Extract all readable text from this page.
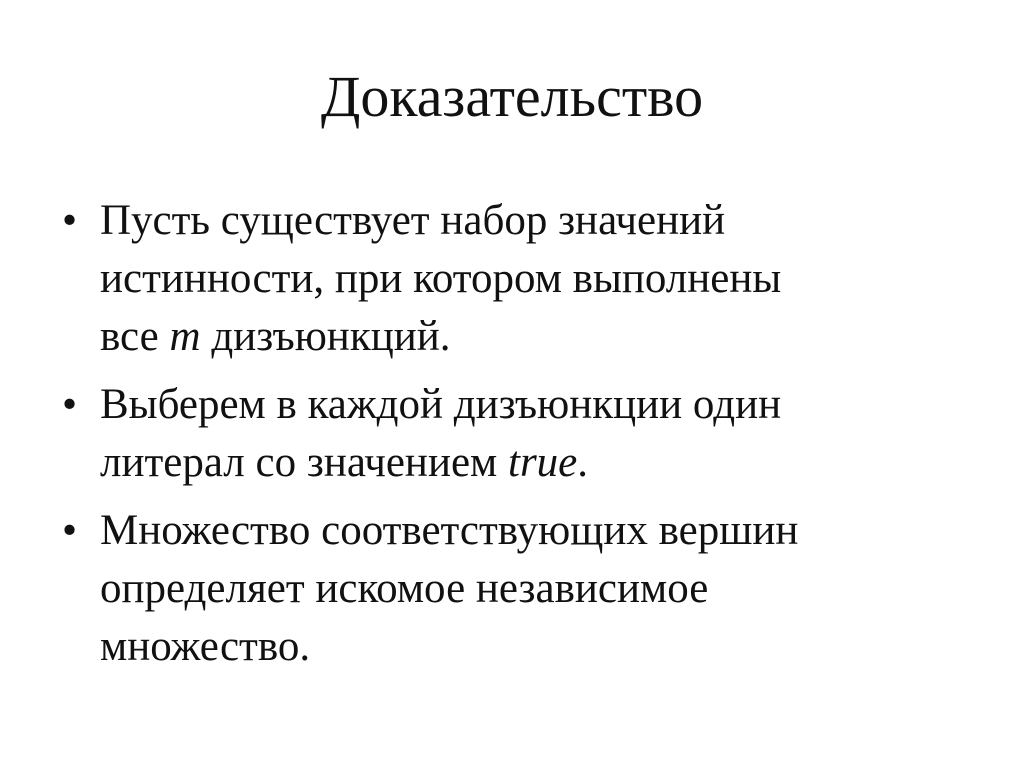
Доказательство
• Пусть существует набор значений
истинности, при котором выполнены
все m дизъюнкций.
• Выберем в каждой дизъюнкции один
литерал со значением true.
• Множество соответствующих вершин
определяет искомое независимое
множество.
